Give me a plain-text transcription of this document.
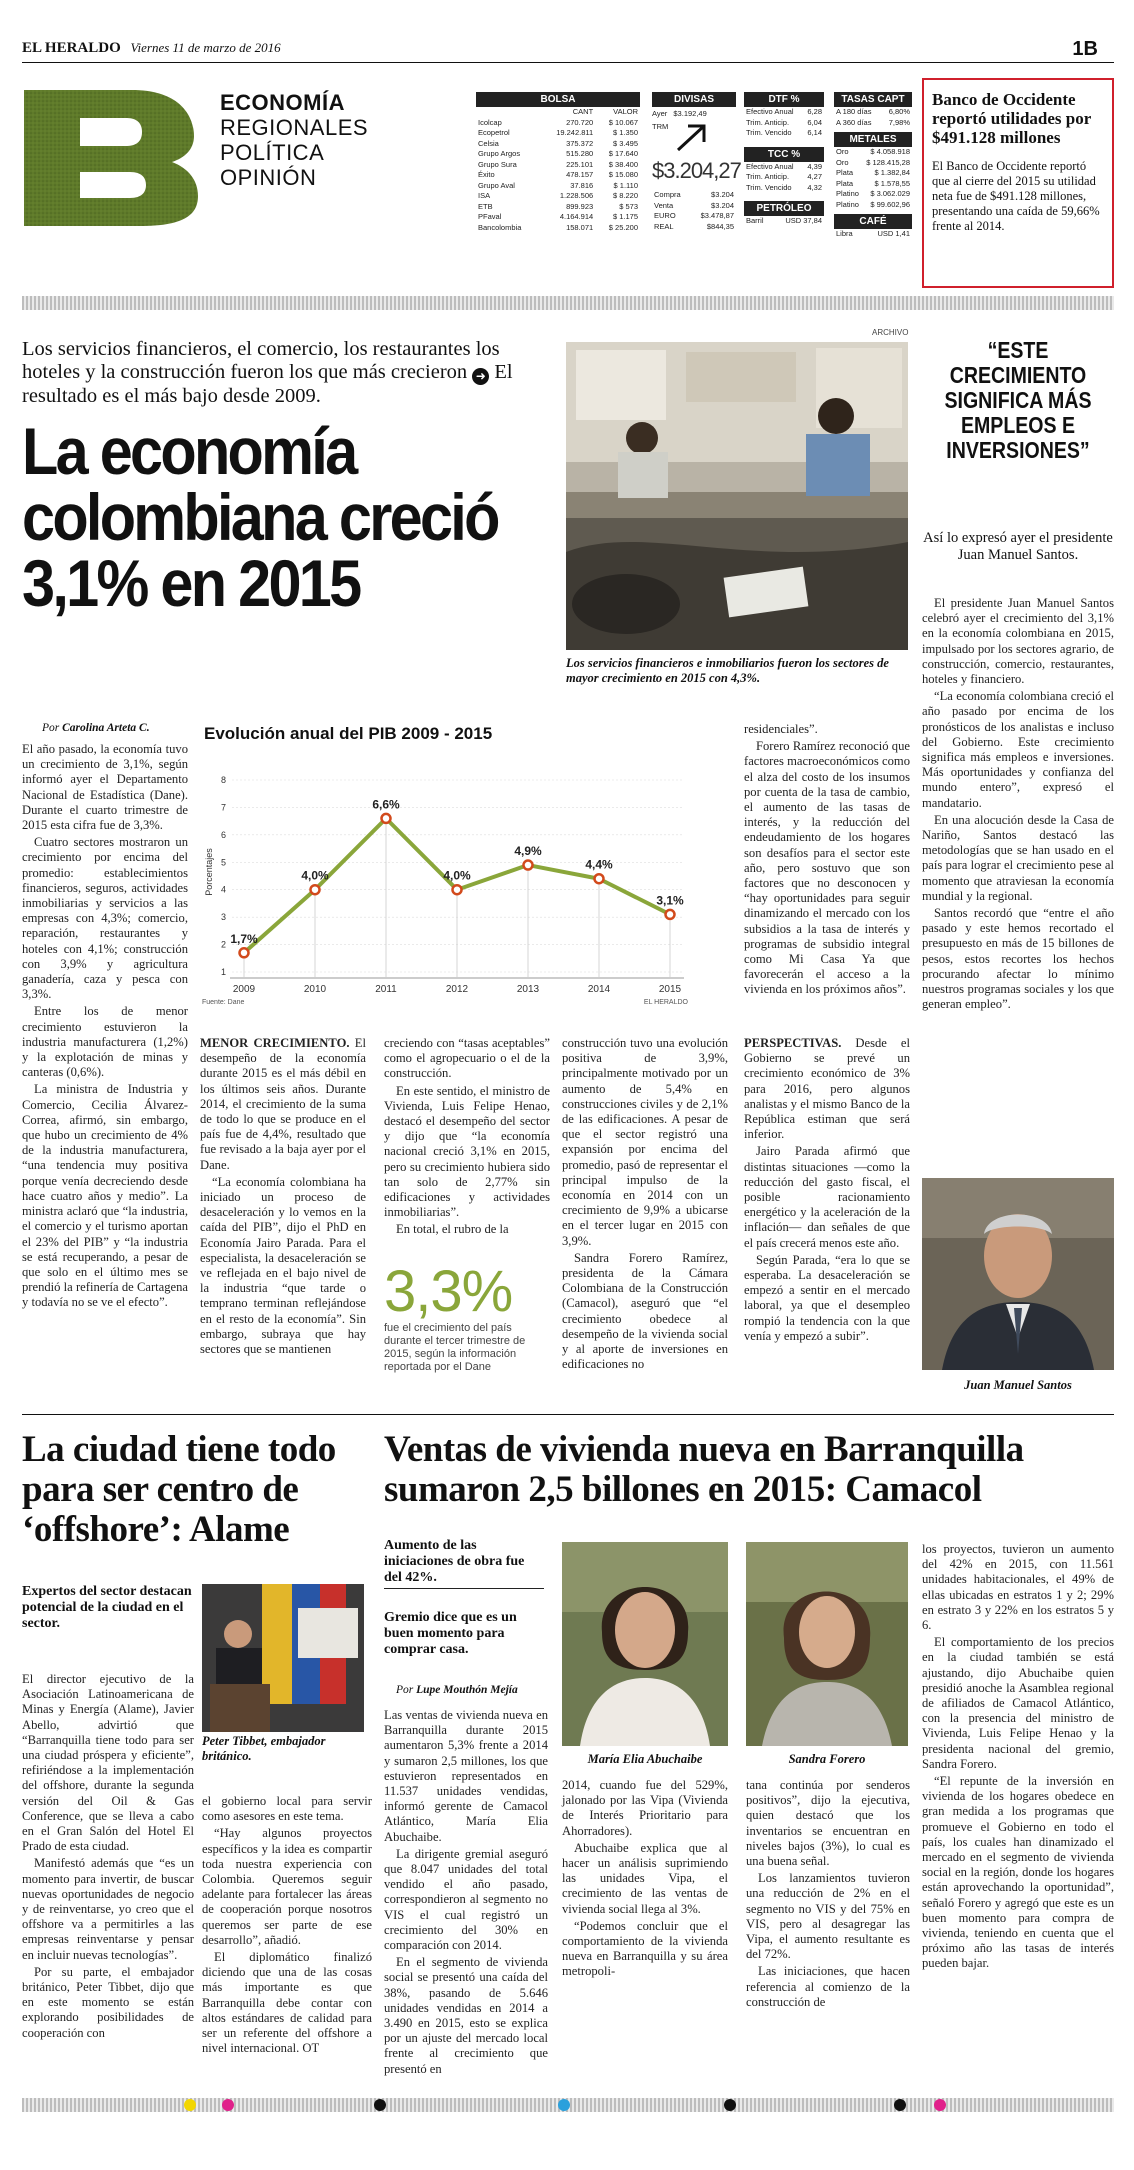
EL HERALDO Viernes 11 de marzo de 2016	1B
ECONOMÍA
REGIONALES
POLÍTICA
OPINIÓN
BOLSA
	CANT	VALOR
Icolcap	270.720	$ 10.067
Ecopetrol	19.242.811	$ 1.350
Celsia	375.372	$ 3.495
Grupo Argos	515.280	$ 17.640
Grupo Sura	225.101	$ 38.400
Éxito	478.157	$ 15.080
Grupo Aval	37.816	$ 1.110
ISA	1.228.506	$ 8.220
ETB	899.923	$ 573
PFaval	4.164.914	$ 1.175
Bancolombia	158.071	$ 25.200
DIVISAS
Ayer $3.192,49
TRM
$3.204,27
Compra	$3.204
Venta	$3.204
EURO	$3.478,87
REAL	$844,35
DTF %
Efectivo Anual	6,28
Trim. Anticip.	6,04
Trim. Vencido	6,14
TCC %
Efectivo Anual	4,39
Trim. Anticip.	4,27
Trim. Vencido	4,32
PETRÓLEO
Barril	USD 37,84
TASAS CAPT
A 180 días	6,80%
A 360 días	7,98%
METALES
Oro	$ 4.058.918
Oro	$ 128.415,28
Plata	$ 1.382,84
Plata	$ 1.578,55
Platino	$ 3.062.029
Platino	$ 99.602,96
CAFÉ
Libra	USD 1,41
Banco de Occidente reportó utilidades por $491.128 millones
El Banco de Occidente reportó que al cierre del 2015 su utilidad neta fue de $491.128 millones, presentando una caída de 59,66% frente al 2014.
Los servicios financieros, el comercio, los restaurantes los hoteles y la construcción fueron los que más crecieron ➜ El resultado es el más bajo desde 2009.
La economía colombiana creció 3,1% en 2015
ARCHIVO
Los servicios financieros e inmobiliarios fueron los sectores de mayor crecimiento en 2015 con 4,3%.
Por Carolina Arteta C.

El año pasado, la economía tuvo un crecimiento de 3,1%, según informó ayer el Departamento Nacional de Estadística (Dane). Durante el cuarto trimestre de 2015 esta cifra fue de 3,3%.

Cuatro sectores mostraron un crecimiento por encima del promedio: establecimientos financieros, seguros, actividades inmobiliarias y servicios a las empresas con 4,3%; comercio, reparación, restaurantes y hoteles con 4,1%; construcción con 3,9% y agricultura ganadería, caza y pesca con 3,3%.

Entre los de menor crecimiento estuvieron la industria manufacturera (1,2%) y la explotación de minas y canteras (0,6%).

La ministra de Industria y Comercio, Cecilia Álvarez-Correa, afirmó, sin embargo, que hubo un crecimiento de 4% de la industria manufacturera, “una tendencia muy positiva porque venía decreciendo desde hace cuatro años y medio”. La ministra aclaró que “la industria, el comercio y el turismo aportan el 23% del PIB” y “la industria se está recuperando, a pesar de que solo en el último mes se prendió la refinería de Cartagena y todavía no se ve el efecto”.

Evolución anual del PIB 2009 - 2015
1,7%
4,0%
6,6%
4,0%
4,9%
4,4%
3,1%
2009	2010	2011	2012	2013	2014	2015
1
2
3
4
5
6
7
8
Porcentajes
Fuente: Dane	EL HERALDO

MENOR CRECIMIENTO. El desempeño de la economía durante 2015 es el más débil en los últimos seis años. Durante 2014, el crecimiento de la suma de todo lo que se produce en el país fue de 4,4%, resultado que fue revisado a la baja ayer por el Dane.

“La economía colombiana ha iniciado un proceso de desaceleración y lo vemos en la caída del PIB”, dijo el PhD en Economía Jairo Parada. Para el especialista, la desaceleración se ve reflejada en el bajo nivel de la industria “que tarde o temprano terminan reflejándose en el resto de la economía”. Sin embargo, subraya que hay sectores que se mantienen

creciendo con “tasas aceptables” como el agropecuario o el de la construcción.

En este sentido, el ministro de Vivienda, Luis Felipe Henao, destacó el desempeño del sector y dijo que “la economía nacional creció 3,1% en 2015, pero su crecimiento hubiera sido tan solo de 2,77% sin edificaciones y actividades inmobiliarias”.

En total, el rubro de la

3,3%
fue el crecimiento del país durante el tercer trimestre de 2015, según la información reportada por el Dane

construcción tuvo una evolución positiva de 3,9%, principalmente motivado por un aumento de 5,4% en construcciones civiles y de 2,1% de las edificaciones. A pesar de que el sector registró una expansión por encima del promedio, pasó de representar el principal impulso de la economía en 2014 con un crecimiento de 9,9% a ubicarse en el tercer lugar en 2015 con 3,9%.

Sandra Forero Ramírez, presidenta de la Cámara Colombiana de la Construcción (Camacol), aseguró que “el crecimiento obedece al desempeño de la vivienda social y al aporte de inversiones en edificaciones no

residenciales”.

Forero Ramírez reconoció que factores macroeconómicos como el alza del costo de los insumos por cuenta de la tasa de cambio, el aumento de las tasas de interés, y la reducción del endeudamiento de los hogares son desafíos para el sector este año, pero sostuvo que son factores que no desconocen y “hay oportunidades para seguir dinamizando el mercado con los subsidios a la tasa de interés y programas de subsidio integral como Mi Casa Ya que favorecerán el acceso a la vivienda en los próximos años”.

PERSPECTIVAS. Desde el Gobierno se prevé un crecimiento económico de 3% para 2016, pero algunos analistas y el mismo Banco de la República estiman que será inferior.

Jairo Parada afirmó que distintas situaciones —como la reducción del gasto fiscal, el posible racionamiento energético y la aceleración de la inflación— dan señales de que el país crecerá menos este año.

Según Parada, “era lo que se esperaba. La desaceleración se empezó a sentir en el mercado laboral, ya que el desempleo rompió la tendencia con la que venía y empezó a subir”.

“ESTE CRECIMIENTO SIGNIFICA MÁS EMPLEOS E INVERSIONES”
Así lo expresó ayer el presidente Juan Manuel Santos.

El presidente Juan Manuel Santos celebró ayer el crecimiento del 3,1% en la economía colombiana en 2015, impulsado por los sectores agrario, de construcción, comercio, restaurantes, hoteles y financiero.

“La economía colombiana creció el año pasado por encima de los pronósticos de los analistas e incluso del Gobierno. Este crecimiento significa más empleos e inversiones. Más oportunidades y confianza del mundo entero”, expresó el mandatario.

En una alocución desde la Casa de Nariño, Santos destacó las metodologías que se han usado en el país para lograr el crecimiento pese al momento que atraviesan la economía mundial y la regional.

Santos recordó que “entre el año pasado y este hemos recortado el presupuesto en más de 15 billones de pesos, estos recortes los hechos procurando afectar lo mínimo nuestros programas sociales y los que generan empleo”.

Juan Manuel Santos
La ciudad tiene todo para ser centro de ‘offshore’: Alame
Expertos del sector destacan potencial de la ciudad en el sector.
Peter Tibbet, embajador británico.

El director ejecutivo de la Asociación Latinoamericana de Minas y Energía (Alame), Javier Abello, advirtió que “Barranquilla tiene todo para ser una ciudad próspera y eficiente”, refiriéndose a la implementación del offshore, durante la segunda versión del Oil & Gas Conference, que se lleva a cabo en el Gran Salón del Hotel El Prado de esta ciudad.

Manifestó además que “es un momento para invertir, de buscar nuevas oportunidades de negocio y de reinventarse, yo creo que el offshore va a permitirles a las empresas reinventarse y pensar en incluir nuevas tecnologías”.

Por su parte, el embajador británico, Peter Tibbet, dijo que en este momento se están explorando posibilidades de cooperación con

el gobierno local para servir como asesores en este tema.

“Hay algunos proyectos específicos y la idea es compartir toda nuestra experiencia con Colombia. Queremos seguir adelante para fortalecer las áreas de cooperación porque nosotros queremos ser parte de ese desarrollo”, añadió.

El diplomático finalizó diciendo que una de las cosas más importante es que Barranquilla debe contar con altos estándares de calidad para ser un referente del offshore a nivel internacional. OT

Ventas de vivienda nueva en Barranquilla sumaron 2,5 billones en 2015: Camacol
Aumento de las iniciaciones de obra fue del 42%.
Gremio dice que es un buen momento para comprar casa.
Por Lupe Mouthón Mejía

Las ventas de vivienda nueva en Barranquilla durante 2015 aumentaron 5,3% frente a 2014 y sumaron 2,5 millones, los que estuvieron representados en 11.537 unidades vendidas, informó gerente de Camacol Atlántico, María Elia Abuchaibe.

La dirigente gremial aseguró que 8.047 unidades del total vendido el año pasado, correspondieron al segmento no VIS el cual registró un crecimiento del 30% en comparación con 2014.

En el segmento de vivienda social se presentó una caída del 38%, pasando de 5.646 unidades vendidas en 2014 a 3.490 en 2015, esto se explica por un ajuste del mercado local frente al crecimiento que presentó en

María Elia Abuchaibe	Sandra Forero

2014, cuando fue del 529%, jalonado por las Vipa (Vivienda de Interés Prioritario para Ahorradores).

Abuchaibe explica que al hacer un análisis suprimiendo las unidades Vipa, el crecimiento de las ventas de vivienda social llega al 3%.

“Podemos concluir que el comportamiento de la vivienda nueva en Barranquilla y su área metropoli-

tana continúa por senderos positivos”, dijo la ejecutiva, quien destacó que los inventarios se encuentran en niveles bajos (3%), lo cual es una buena señal.

Los lanzamientos tuvieron una reducción de 2% en el segmento no VIS y del 75% en VIS, pero al desagregar las Vipa, el aumento resultante es del 72%.

Las iniciaciones, que hacen referencia al comienzo de la construcción de

los proyectos, tuvieron un aumento del 42% en 2015, con 11.561 unidades habitacionales, el 49% de ellas ubicadas en estratos 1 y 2; 29% en estrato 3 y 22% en los estratos 5 y 6.

El comportamiento de los precios en la ciudad también se está ajustando, dijo Abuchaibe quien presidió anoche la Asamblea regional de afiliados de Camacol Atlántico, con la presencia del ministro de Vivienda, Luis Felipe Henao y la presidenta nacional del gremio, Sandra Forero.

“El repunte de la inversión en vivienda de los hogares obedece en gran medida a los programas que promueve el Gobierno en todo el país, los cuales han dinamizado el mercado en el segmento de vivienda social en la región, donde los hogares están aprovechando la oportunidad”, señaló Forero y agregó que este es un buen momento para compra de vivienda, teniendo en cuenta que el próximo año las tasas de interés pueden bajar.
